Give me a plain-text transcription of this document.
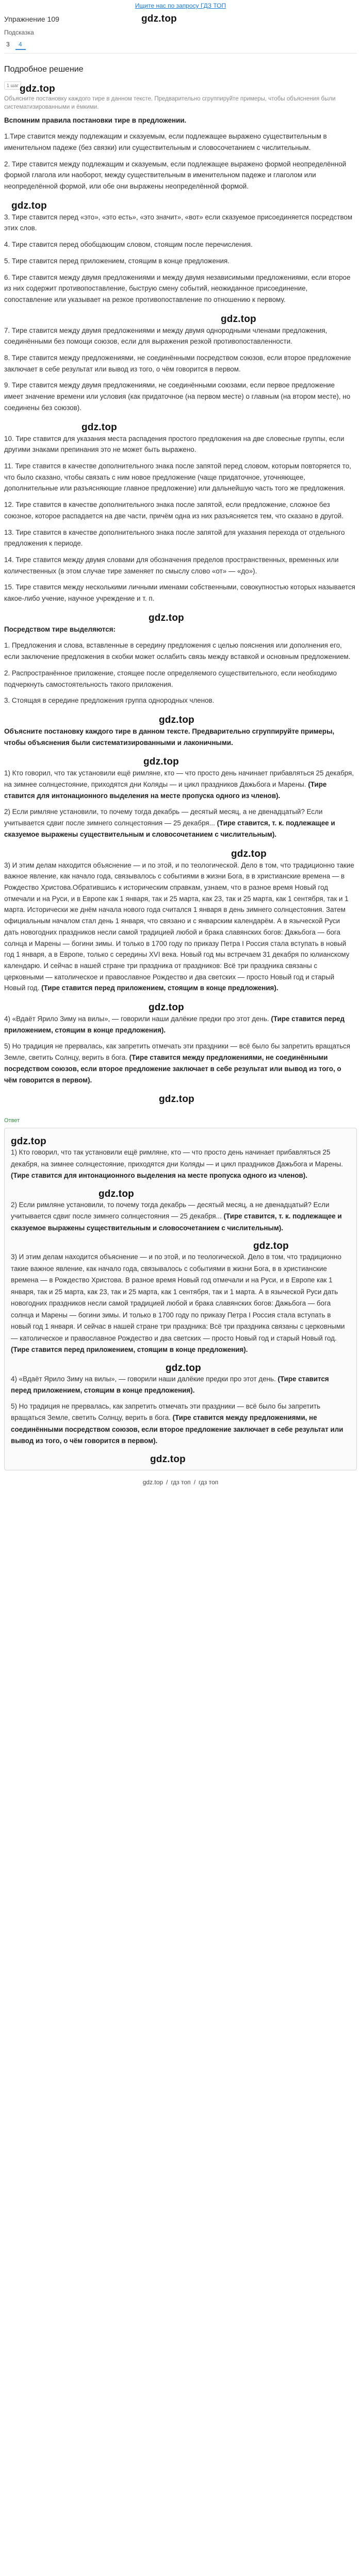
Ищите нас по запросу ГДЗ ТОП
Упражнение 109	gdz.top
Подсказка
3 4
Подробное решение
1 шаг gdz.top
Объясните постановку каждого тире в данном тексте. Предварительно сгруппируйте примеры, чтобы объяснения были систематизированными и ёмкими.

Вспомним правила постановки тире в предложении.

1.Тире ставится между подлежащим и сказуемым, если подлежащее выражено существительным в именительном падеже (без связки) или существительным и словосочетанием с числительным.

2. Тире ставится между подлежащим и сказуемым, если подлежащее выражено формой неопределённой формой глагола или наоборот, между существительным в именительном падеже и глаголом или неопределённой формой, или обе они выражены неопределённой формой.

gdz.top

3. Тире ставится перед «это», «это есть», «это значит», «вот» если сказуемое присоединяется посредством этих слов.

4. Тире ставится перед обобщающим словом, стоящим после перечисления.

5. Тире ставится перед приложением, стоящим в конце предложения.

6. Тире ставится между двумя предложениями и между двумя независимыми предложениями, если второе из них содержит противопоставление, быструю смену событий, неожиданное присоединение, сопоставление или указывает на резкое противопоставление по отношению к первому.

gdz.top

7. Тире ставится между двумя предложениями и между двумя однородными членами предложения, соединёнными без помощи союзов, если для выражения резкой противопоставленности.

8. Тире ставится между предложениями, не соединёнными посредством союзов, если второе предложение заключает в себе результат или вывод из того, о чём говорится в первом.

9. Тире ставится между двумя предложениями, не соединёнными союзами, если первое предложение имеет значение времени или условия (как придаточное (на первом месте) о главным (на втором месте), но соединены без союзов).

gdz.top

10. Тире ставится для указания места распадения простого предложения на две словесные группы, если другими знаками препинания это не может быть выражено.

11. Тире ставится в качестве дополнительного знака после запятой перед словом, которым повторяется то, что было сказано, чтобы связать с ним новое предложение (чаще придаточное, уточняющее, дополнительные или разъясняющие главное предложение) или дальнейшую часть того же предложения.

12. Тире ставится в качестве дополнительного знака после запятой, если предложение, сложное без союзное, которое распадается на две части, причём одна из них разъясняется тем, что сказано в другой.

13. Тире ставится в качестве дополнительного знака после запятой для указания перехода от отдельного предложения к периоде.

14. Тире ставится между двумя словами для обозначения пределов пространственных, временных или количественных (в этом случае тире заменяет по смыслу слово «от» — «до»).

15. Тире ставится между несколькими личными именами собственными, совокупностью которых называется какое-либо учение, научное учреждение и т. п.

gdz.top

Посредством тире выделяются:

1. Предложения и слова, вставленные в середину предложения с целью пояснения или дополнения его, если заключение предложения в скобки может ослабить связь между вставкой и основным предложением.

2. Распространённое приложение, стоящее после определяемого существительного, если необходимо подчеркнуть самостоятельность такого приложения.

3. Стоящая в середине предложения группа однородных членов.

gdz.top

Объясните постановку каждого тире в данном тексте. Предварительно сгруппируйте примеры, чтобы объяснения были систематизированными и лаконичными.

gdz.top

1) Кто говорил, что так установили ещё римляне, кто — что просто день начинает прибавляться 25 декабря, на зимнее солнцестояние, приходятся дни Коляды — и цикл праздников Дажьбога и Марены. (Тире ставится для интонационного выделения на месте пропуска одного из членов).

2) Если римляне установили, то почему тогда декабрь — десятый месяц, а не двенадцатый? Если учитывается сдвиг после зимнего солнцестояния — 25 декабря... (Тире ставится, т. к. подлежащее и сказуемое выражены существительным и словосочетанием с числительным).

gdz.top

3) И этим делам находится объяснение — и по этой, и по теологической. Дело в том, что традиционно такие важное явление, как начало года, связывалось с событиями в жизни Бога, в в христианские времена — в Рождество Христова.Обратившись к историческим справкам, узнаем, что в разное время Новый год отмечали и на Руси, и в Европе как 1 января, так и 25 марта, как 23, так и 25 марта, как 1 сентября, так и 1 марта. Исторически же днём начала нового года считался 1 января в день зимнего солнцестояния. Затем официальным началом стал день 1 января, что связано и с январским календарём. А в языческой Руси дать новогодних праздников несли самой традицией любой и брака славянских богов: Дажьбога — бога солнца и Марены — богини зимы. И только в 1700 году по приказу Петра I Россия стала вступать в новый год 1 января, а в Европе, только с середины XVI века. Новый год мы встречаем 31 декабря по юлианскому календарю. И сейчас в нашей стране три праздника от праздников: Всё три праздника связаны с церковными — католическое и православное Рождество и два светских — просто Новый год и старый Новый год. (Тире ставится перед приложением, стоящим в конце предложения).

gdz.top

4) «Вдаёт Ярило Зиму на вилы», — говорили наши далёкие предки про этот день. (Тире ставится перед приложением, стоящим в конце предложения).

5) Но традиция не прервалась, как запретить отмечать эти праздники — всё было бы запретить вращаться Земле, светить Солнцу, верить в бога. (Тире ставится между предложениями, не соединёнными посредством союзов, если второе предложение заключает в себе результат или вывод из того, о чём говорится в первом).

gdz.top
Ответ
gdz.top

1) Кто говорил, что так установили ещё римляне, кто — что просто день начинает прибавляться 25 декабря, на зимнее солнцестояние, приходятся дни Коляды — и цикл праздников Дажьбога и Марены. (Тире ставится для интонационного выделения на месте пропуска одного из членов).

gdz.top

2) Если римляне установили, то почему тогда декабрь — десятый месяц, а не двенадцатый? Если учитывается сдвиг после зимнего солнцестояния — 25 декабря... (Тире ставится, т. к. подлежащее и сказуемое выражены существительным и словосочетанием с числительным).

gdz.top

3) И этим делам находится объяснение — и по этой, и по теологической. Дело в том, что традиционно такие важное явление, как начало года, связывалось с событиями в жизни Бога, в в христианские времена — в Рождество Христова. В разное время Новый год отмечали и на Руси, и в Европе как 1 января, так и 25 марта, как 23, так и 25 марта, как 1 сентября, так и 1 марта. А в языческой Руси дать новогодних праздников несли самой традицией любой и брака славянских богов: Дажьбога — бога солнца и Марены — богини зимы. И только в 1700 году по приказу Петра I Россия стала вступать в новый год 1 января. И сейчас в нашей стране три праздника: Всё три праздника связаны с церковными — католическое и православное Рождество и два светских — просто Новый год и старый Новый год. (Тире ставится перед приложением, стоящим в конце предложения).

gdz.top

4) «Вдаёт Ярило Зиму на вилы», — говорили наши далёкие предки про этот день. (Тире ставится перед приложением, стоящим в конце предложения).

5) Но традиция не прервалась, как запретить отмечать эти праздники — всё было бы запретить вращаться Земле, светить Солнцу, верить в бога. (Тире ставится между предложениями, не соединёнными посредством союзов, если второе предложение заключает в себе результат или вывод из того, о чём говорится в первом).

gdz.top
gdz.top / гдз топ / гдз топ
